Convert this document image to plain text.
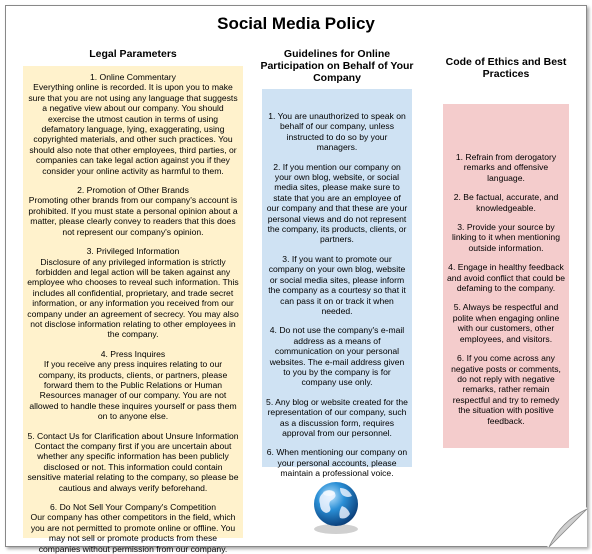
Social Media Policy
Legal Parameters	Guidelines for Online Participation on Behalf of Your Company
Code of Ethics and Best Practices

1. Online Commentary

Everything online is recorded. It is upon you to make sure that you are not using any language that suggests a negative view about our company. You should exercise the utmost caution in terms of using defamatory language, lying, exaggerating, using copyrighted materials, and other such practices. You should also note that other employees, third parties, or companies can take legal action against you if they consider your online activity as harmful to them.

2. Promotion of Other Brands

Promoting other brands from our company's account is prohibited. If you must state a personal opinion about a matter, please clearly convey to readers that this does not represent our company's opinion.

3. Privileged Information

Disclosure of any privileged information is strictly forbidden and legal action will be taken against any employee who chooses to reveal such information. This includes all confidential, proprietary, and trade secret information, or any information you received from our company under an agreement of secrecy. You may also not disclose information relating to other employees in the company.

4. Press Inquires

If you receive any press inquires relating to our company, its products, clients, or partners, please forward them to the Public Relations or Human Resources manager of our company. You are not allowed to handle these inquires yourself or pass them on to anyone else.

5. Contact Us for Clarification about Unsure Information

Contact the company first if you are uncertain about whether any specific information has been publicly disclosed or not. This information could contain sensitive material relating to the company, so please be cautious and always verify beforehand.

6. Do Not Sell Your Company's Competition

Our company has other competitors in the field, which you are not permitted to promote online or offline. You may not sell or promote products from these companies without permission from our company.

1. You are unauthorized to speak on behalf of our company, unless instructed to do so by your managers.

2. If you mention our company on your own blog, website, or social media sites, please make sure to state that you are an employee of our company and that these are your personal views and do not represent the company, its products, clients, or partners.

3. If you want to promote our company on your own blog, website or social media sites, please inform the company as a courtesy so that it can pass it on or track it when needed.

4. Do not use the company's e-mail address as a means of communication on your personal websites. The e-mail address given to you by the company is for company use only.

5. Any blog or website created for the representation of our company, such as a discussion form, requires approval from our personnel.

6. When mentioning our company on your personal accounts, please maintain a professional voice.

1. Refrain from derogatory remarks and offensive language.

2. Be factual, accurate, and knowledgeable.

3. Provide your source by linking to it when mentioning outside information.

4. Engage in healthy feedback and avoid conflict that could be defaming to the company.

5. Always be respectful and polite when engaging online with our customers, other employees, and visitors.

6. If you come across any negative posts or comments, do not reply with negative remarks, rather remain respectful and try to remedy the situation with positive feedback.
